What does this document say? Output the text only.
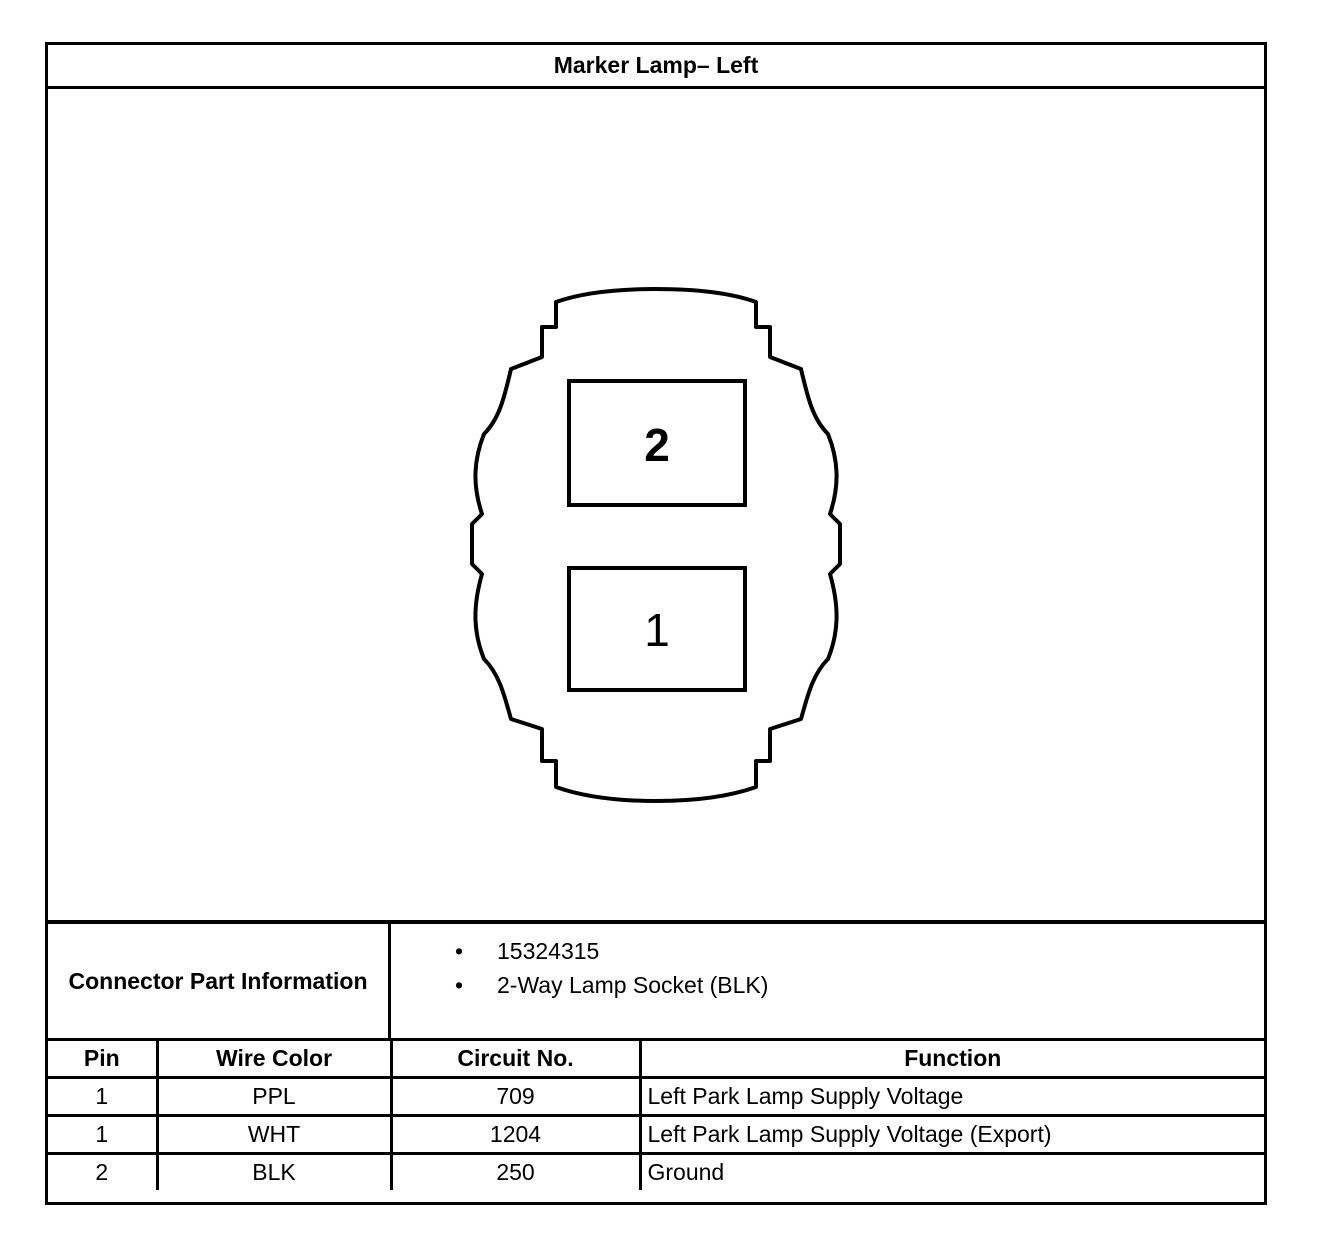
Marker Lamp– Left
2
1
Connector Part Information
• 15324315
• 2-Way Lamp Socket (BLK)
Pin	Wire Color	Circuit No.	Function
1	PPL	709	Left Park Lamp Supply Voltage
1	WHT	1204	Left Park Lamp Supply Voltage (Export)
2	BLK	250	Ground
